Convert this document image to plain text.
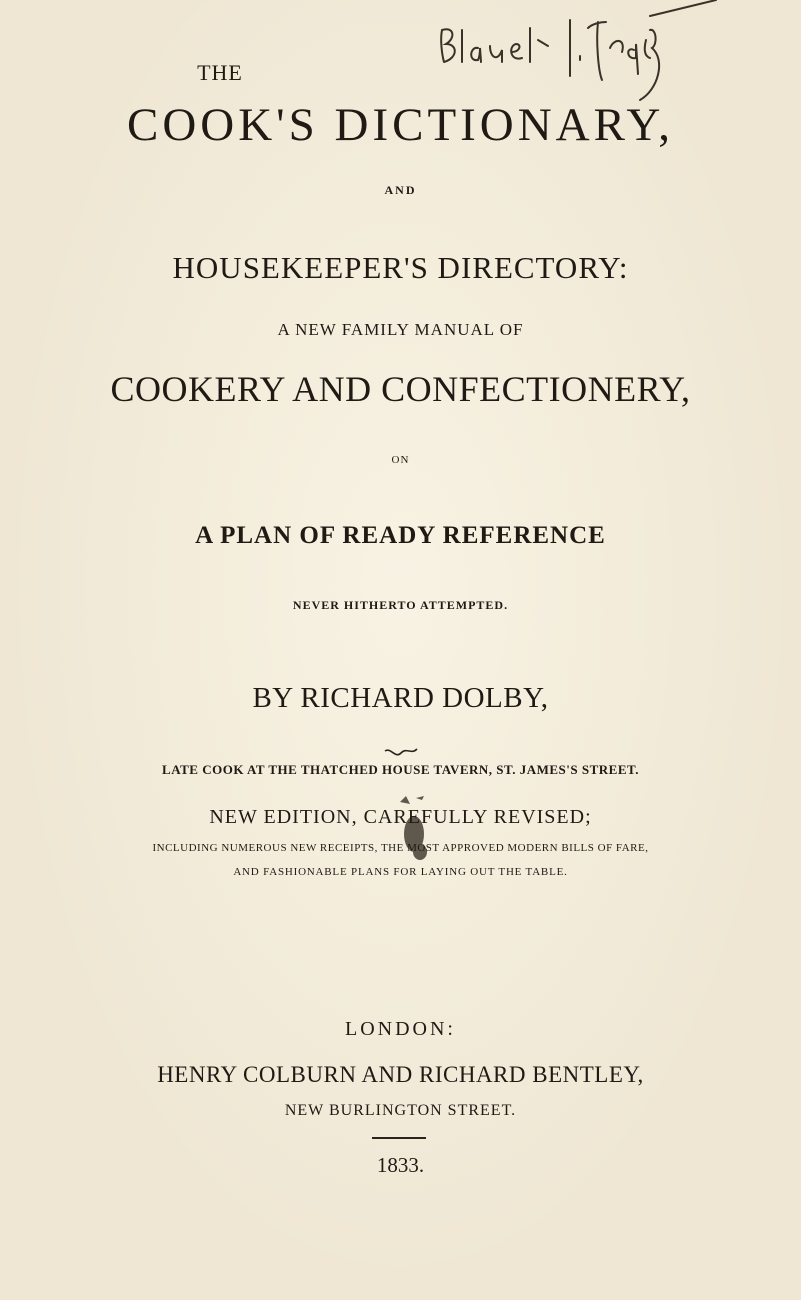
THE
COOK'S DICTIONARY,
AND
HOUSEKEEPER'S DIRECTORY:
A NEW FAMILY MANUAL OF
COOKERY AND CONFECTIONERY,
ON
A PLAN OF READY REFERENCE
NEVER HITHERTO ATTEMPTED.
BY RICHARD DOLBY,
LATE COOK AT THE THATCHED HOUSE TAVERN, ST. JAMES'S STREET.
NEW EDITION, CAREFULLY REVISED;
INCLUDING NUMEROUS NEW RECEIPTS, THE MOST APPROVED MODERN BILLS OF FARE,
AND FASHIONABLE PLANS FOR LAYING OUT THE TABLE.
LONDON:
HENRY COLBURN AND RICHARD BENTLEY,
NEW BURLINGTON STREET.
1833.
